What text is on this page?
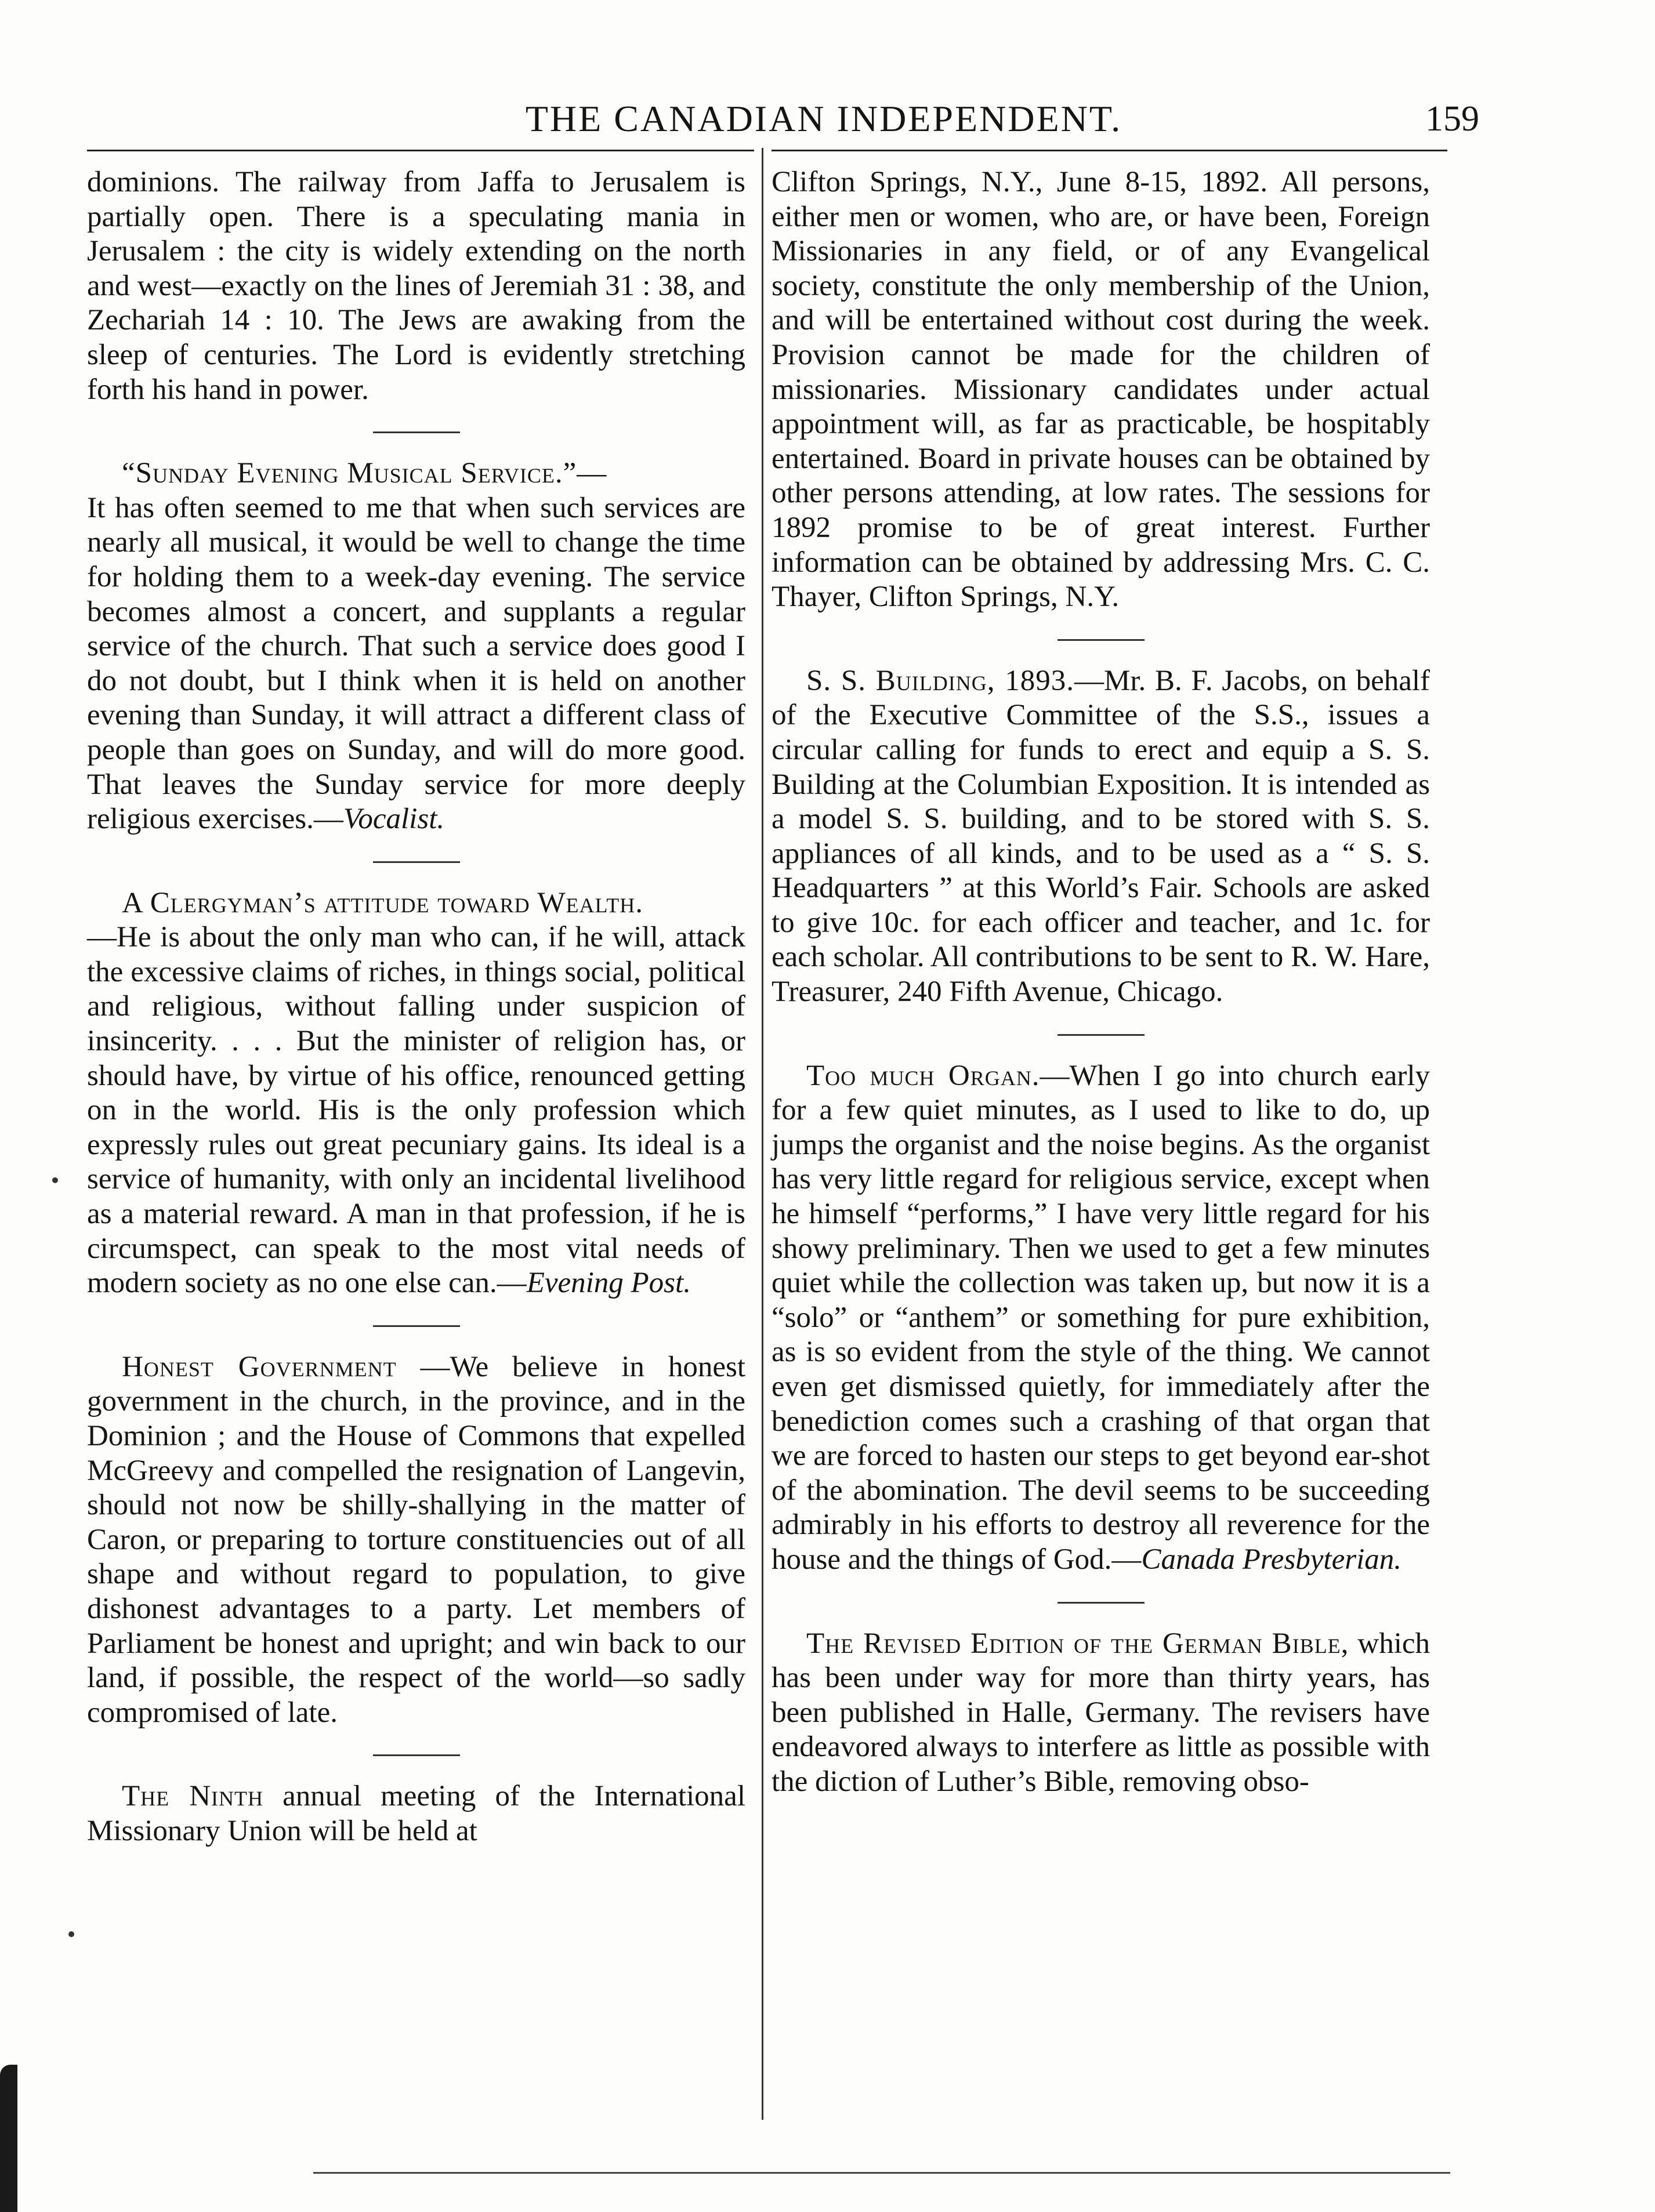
THE CANADIAN INDEPENDENT.	159

dominions. The railway from Jaffa to Jerusalem is partially open. There is a speculating mania in Jerusalem : the city is widely extending on the north and west—exactly on the lines of Jeremiah 31 : 38, and Zechariah 14 : 10. The Jews are awaking from the sleep of centuries. The Lord is evidently stretching forth his hand in power.

“Sunday Evening Musical Service.”—
It has often seemed to me that when such services are nearly all musical, it would be well to change the time for holding them to a week-day evening. The service becomes almost a concert, and supplants a regular service of the church. That such a service does good I do not doubt, but I think when it is held on another evening than Sunday, it will attract a different class of people than goes on Sunday, and will do more good. That leaves the Sunday service for more deeply religious exercises.—Vocalist.

A Clergyman’s attitude toward Wealth.
—He is about the only man who can, if he will, attack the excessive claims of riches, in things social, political and religious, without falling under suspicion of insincerity. . . . But the minister of religion has, or should have, by virtue of his office, renounced getting on in the world. His is the only profession which expressly rules out great pecuniary gains. Its ideal is a service of humanity, with only an incidental livelihood as a material reward. A man in that profession, if he is circumspect, can speak to the most vital needs of modern society as no one else can.—Evening Post.

Honest Government —We believe in honest government in the church, in the province, and in the Dominion ; and the House of Commons that expelled McGreevy and compelled the resignation of Langevin, should not now be shilly-shallying in the matter of Caron, or preparing to torture constituencies out of all shape and without regard to population, to give dishonest advantages to a party. Let members of Parliament be honest and upright; and win back to our land, if possible, the respect of the world—so sadly compromised of late.

The Ninth annual meeting of the International Missionary Union will be held at

Clifton Springs, N.Y., June 8-15, 1892. All persons, either men or women, who are, or have been, Foreign Missionaries in any field, or of any Evangelical society, constitute the only membership of the Union, and will be entertained without cost during the week. Provision cannot be made for the children of missionaries. Missionary candidates under actual appointment will, as far as practicable, be hospitably entertained. Board in private houses can be obtained by other persons attending, at low rates. The sessions for 1892 promise to be of great interest. Further information can be obtained by addressing Mrs. C. C. Thayer, Clifton Springs, N.Y.

S. S. Building, 1893.—Mr. B. F. Jacobs, on behalf of the Executive Committee of the S.S., issues a circular calling for funds to erect and equip a S. S. Building at the Columbian Exposition. It is intended as a model S. S. building, and to be stored with S. S. appliances of all kinds, and to be used as a “ S. S. Headquarters ” at this World’s Fair. Schools are asked to give 10c. for each officer and teacher, and 1c. for each scholar. All contributions to be sent to R. W. Hare, Treasurer, 240 Fifth Avenue, Chicago.

Too much Organ.—When I go into church early for a few quiet minutes, as I used to like to do, up jumps the organist and the noise begins. As the organist has very little regard for religious service, except when he himself “performs,” I have very little regard for his showy preliminary. Then we used to get a few minutes quiet while the collection was taken up, but now it is a “solo” or “anthem” or something for pure exhibition, as is so evident from the style of the thing. We cannot even get dismissed quietly, for immediately after the benediction comes such a crashing of that organ that we are forced to hasten our steps to get beyond ear-shot of the abomination. The devil seems to be succeeding admirably in his efforts to destroy all reverence for the house and the things of God.—Canada Presbyterian.

The Revised Edition of the German Bible, which has been under way for more than thirty years, has been published in Halle, Germany. The revisers have endeavored always to interfere as little as possible with the diction of Luther’s Bible, removing obso-
